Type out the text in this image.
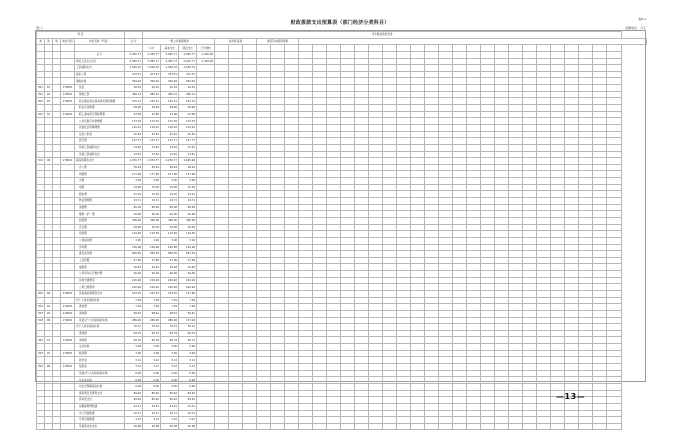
财政拨款支出预算表（部门经济分类科目）
表6-1
部门：	金额单位：万元
科 目						当年财政拨款安排																																
类	款	项	单位代码	单位名称（科目）	总 计	一般公共预算拨款				政府性基金			国有资本经营预算																									
						小计	基本支出	项目支出	上年结转																													
				总 计	3,365.77	3,365.77	3,365.77	2,025.77	1,340.00																													
				单位人员支出合计	3,365.77	3,365.77	3,365.77	2,025.77	1,340.00																													
				工资福利支出	1,540.70	1,540.70	1,540.70	1,540.70																														
				基本工资	473.51	473.51	473.51	473.51																														
				津贴补贴	394.49	394.49	394.49	394.49																														
301	01		170001	奖金	16.52	16.52	16.52	16.52																														
301	02		170001	绩效工资	380.12	380.12	380.12	380.12																														
301	03		170001	机关事业单位基本养老保险缴费	155.12	155.12	155.12	155.12																														
				职业年金缴费	58.96	58.96	58.96	58.96																														
301	10		170001	职工基本医疗保险缴费	23.96	23.96	23.96	23.96																														
				公务员医疗补助缴费	174.70	174.70	174.70	174.70																														
				其他社会保障缴费	110.42	110.42	110.42	110.42																														
				住房公积金	25.81	25.81	25.81	25.81																														
				医疗费	147.77	147.77	147.77	147.77																														
				其他工资福利支出	13.61	13.61	13.61	13.61																														
				其他工资福利支出	13.61	13.61	13.61	13.61																														
301	99		170001	商品和服务支出	2,070.77	2,070.77	2,070.77	1,045.00																														
				办公费	36.44	36.44	36.44	36.44																														
				印刷费	177.96	177.96	177.96	157.96																														
				水费	3.00	3.00	3.00	3.00																														
				电费	15.00	15.00	15.00	15.00																														
				邮电费	23.10	23.10	23.10	23.10																														
				物业管理费	19.71	19.71	19.71	19.71																														
				差旅费	80.00	80.00	80.00	80.00																														
				维修（护）费	20.00	20.00	20.00	20.00																														
				租赁费	396.00	396.00	396.00	396.00																														
				会议费	20.00	20.00	20.00	20.00																														
				培训费	119.50	119.50	119.50	119.50																														
				公务接待费	3.00	3.00	3.00	3.00																														
				劳务费	156.96	156.96	156.96	156.96																														
				委托业务费	836.56	836.56	836.56	831.39																														
				工会经费	27.96	27.96	27.96	27.96																														
				福利费	16.83	16.83	16.83	16.83																														
				公务用车运行维护费	26.00	26.00	26.00	26.00																														
				其他交通费用	100.26	100.26	100.26	100.26																														
				公用已缴费用	100.26	100.26	100.26	100.26																														
302	99		170001	其他商品和服务支出	163.25	163.25	163.25	157.80																														
				对个人和家庭的补助	7.94	7.94	7.94	7.94																														
303	01		170001	离休费	7.94	7.94	7.94	7.94																														
303	02		170001	退休费	98.61	98.61	98.61	98.61																														
303	99		170001	其他对个人和家庭的补助	286.00	286.00	286.00	137.00																														
				对个人和家庭的补助	76.21	76.21	76.21	76.21																														
				离休费	69.79	69.79	69.79	69.79																														
302	31		170001	退休费	69.79	69.79	69.79	69.79																														
				生活补助	3.00	3.00	3.00	3.00																														
303	01		170001	救济费	3.00	3.00	3.00	3.00																														
				助学金	3.12	3.12	3.12	3.12																														
303	99		170001	奖励金	3.12	3.12	3.12	3.12																														
				其他对个人和家庭的补助	0.00	0.00	0.00	0.00																														
				对企业补助	0.00	0.00	0.00	0.00																														
				对社会保障基金补助	0.00	0.00	0.00	0.00																														
				债务利息及费用支出	89.62	89.62	89.62	89.62																														
				资本性支出	89.62	89.62	89.62	89.62																														
				房屋建筑物购建	23.41	23.41	23.41	23.41																														
				办公设备购置	10.11	10.11	10.11	10.11																														
				专用设备购置	3.15	3.15	3.15	3.15																														
				其他资本性支出	26.98	26.98	26.98	26.98																														
—13—
